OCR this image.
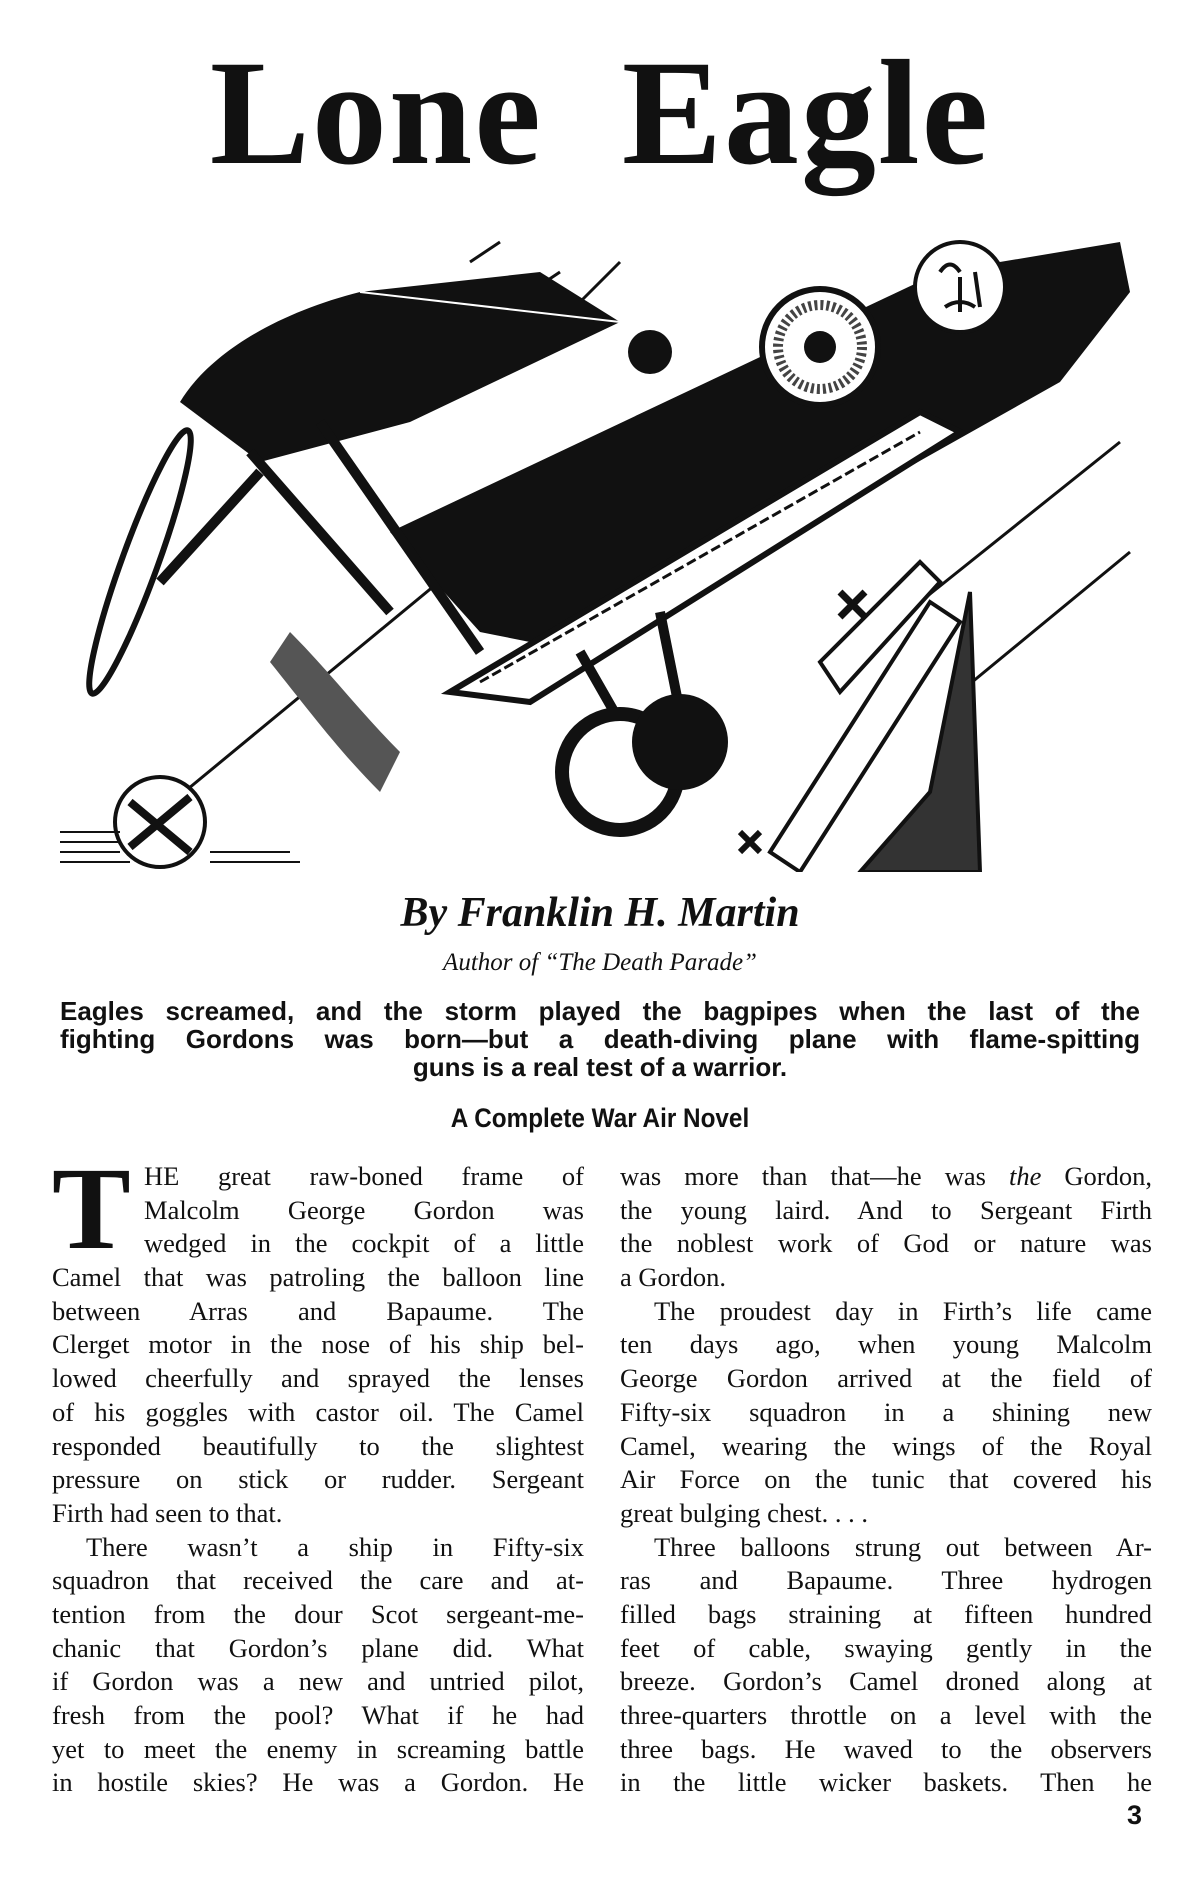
Lone Eagle
By Franklin H. Martin
Author of “The Death Parade”
Eagles screamed, and the storm played the bagpipes when the last of the
fighting Gordons was born—but a death-diving plane with flame-spitting
guns is a real test of a warrior.
A Complete War Air Novel
T HE great raw-boned frame of
Malcolm George Gordon was
wedged in the cockpit of a little
Camel that was patroling the balloon line
between Arras and Bapaume. The
Clerget motor in the nose of his ship bel-
lowed cheerfully and sprayed the lenses
of his goggles with castor oil. The Camel
responded beautifully to the slightest
pressure on stick or rudder. Sergeant
Firth had seen to that.
There wasn’t a ship in Fifty-six
squadron that received the care and at-
tention from the dour Scot sergeant-me-
chanic that Gordon’s plane did. What
if Gordon was a new and untried pilot,
fresh from the pool? What if he had
yet to meet the enemy in screaming battle
in hostile skies? He was a Gordon. He
was more than that—he was the Gordon,
the young laird. And to Sergeant Firth
the noblest work of God or nature was
a Gordon.
The proudest day in Firth’s life came
ten days ago, when young Malcolm
George Gordon arrived at the field of
Fifty-six squadron in a shining new
Camel, wearing the wings of the Royal
Air Force on the tunic that covered his
great bulging chest. . . .
Three balloons strung out between Ar-
ras and Bapaume. Three hydrogen
filled bags straining at fifteen hundred
feet of cable, swaying gently in the
breeze. Gordon’s Camel droned along at
three-quarters throttle on a level with the
three bags. He waved to the observers
in the little wicker baskets. Then he
3
